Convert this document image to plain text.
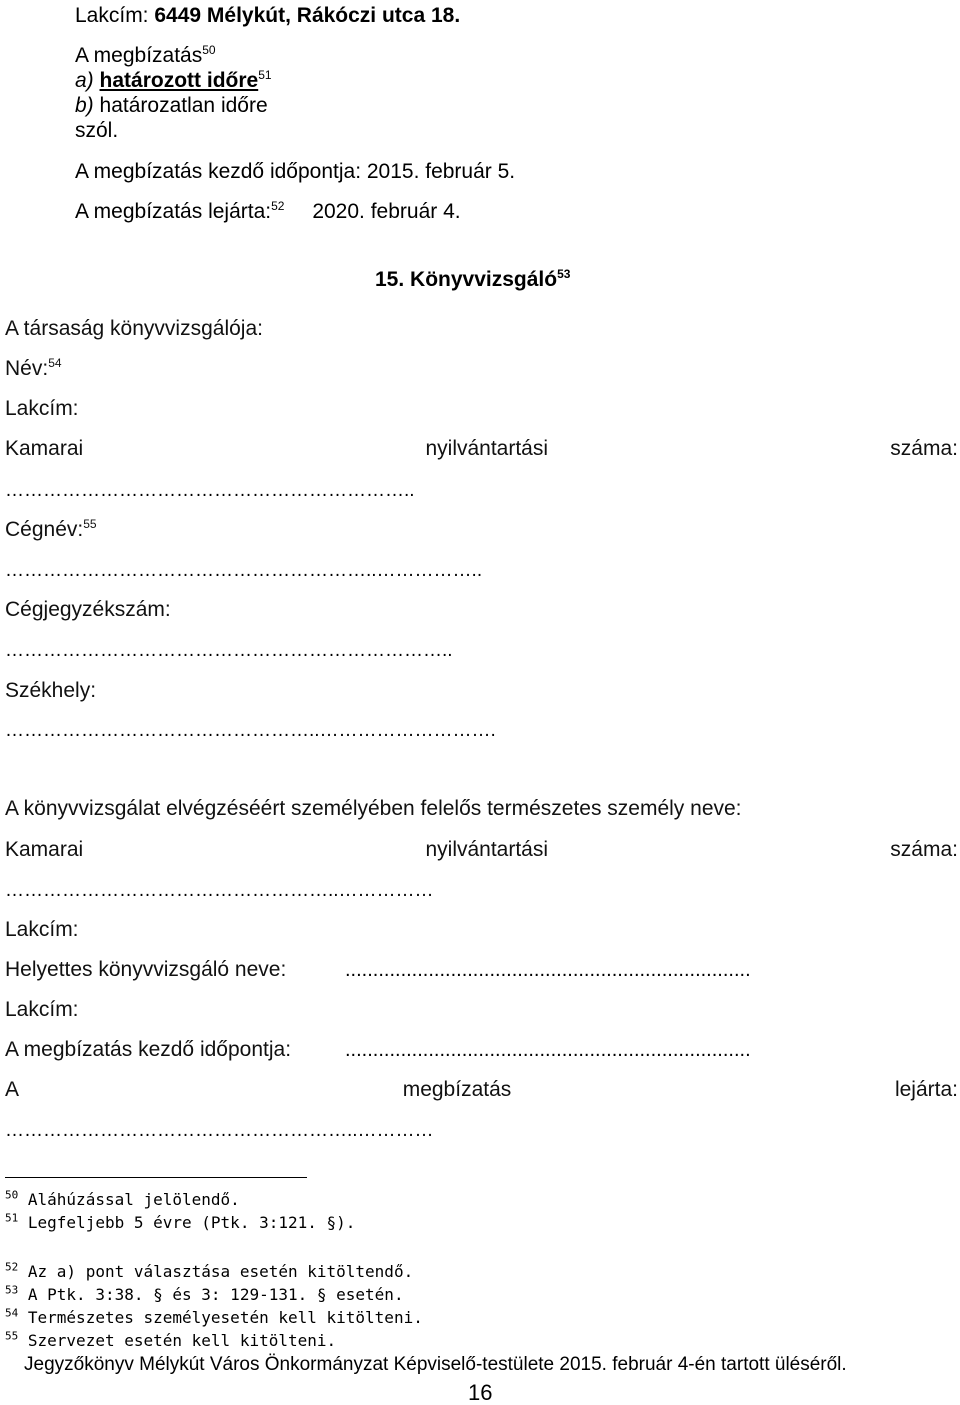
Lakcím: 6449 Mélykút, Rákóczi utca 18.
A megbízatás$^{50}$
a) határozott időre$^{51}$
b) határozatlan időre
szól.
A megbízatás kezdő időpontja: 2015. február 5.
A megbízatás lejárta:$^{52}$ 2020. február 4.
15. Könyvvizsgáló$^{53}$
A társaság könyvvizsgálója:
Név:$^{54}$
Lakcím:
Kamarai	nyilvántartási	száma:
………………………………………………………..
Cégnév:$^{55}$
…………………………………………………..……………..
Cégjegyzékszám:
……………………………………………………………..
Székhely:
…………………………………………..……………………….
A könyvvizsgálat elvégzéséért személyében felelős természetes személy neve:
Kamarai	nyilvántartási	száma:
……………………………………………..……………
Lakcím:
Helyettes könyvvizsgáló neve:	.........................................................................
Lakcím:
A megbízatás kezdő időpontja:	.........................................................................
A	megbízatás	lejárta:
………………………………………………..…………
$^{50}$ Aláhúzással jelölendő.
$^{51}$ Legfeljebb 5 évre (Ptk. 3:121. §).
$^{52}$ Az a) pont választása esetén kitöltendő.
$^{53}$ A Ptk. 3:38. § és 3: 129-131. § esetén.
$^{54}$ Természetes személyesetén kell kitölteni.
$^{55}$ Szervezet esetén kell kitölteni.
Jegyzőkönyv Mélykút Város Önkormányzat Képviselő-testülete 2015. február 4-én tartott üléséről.
16
